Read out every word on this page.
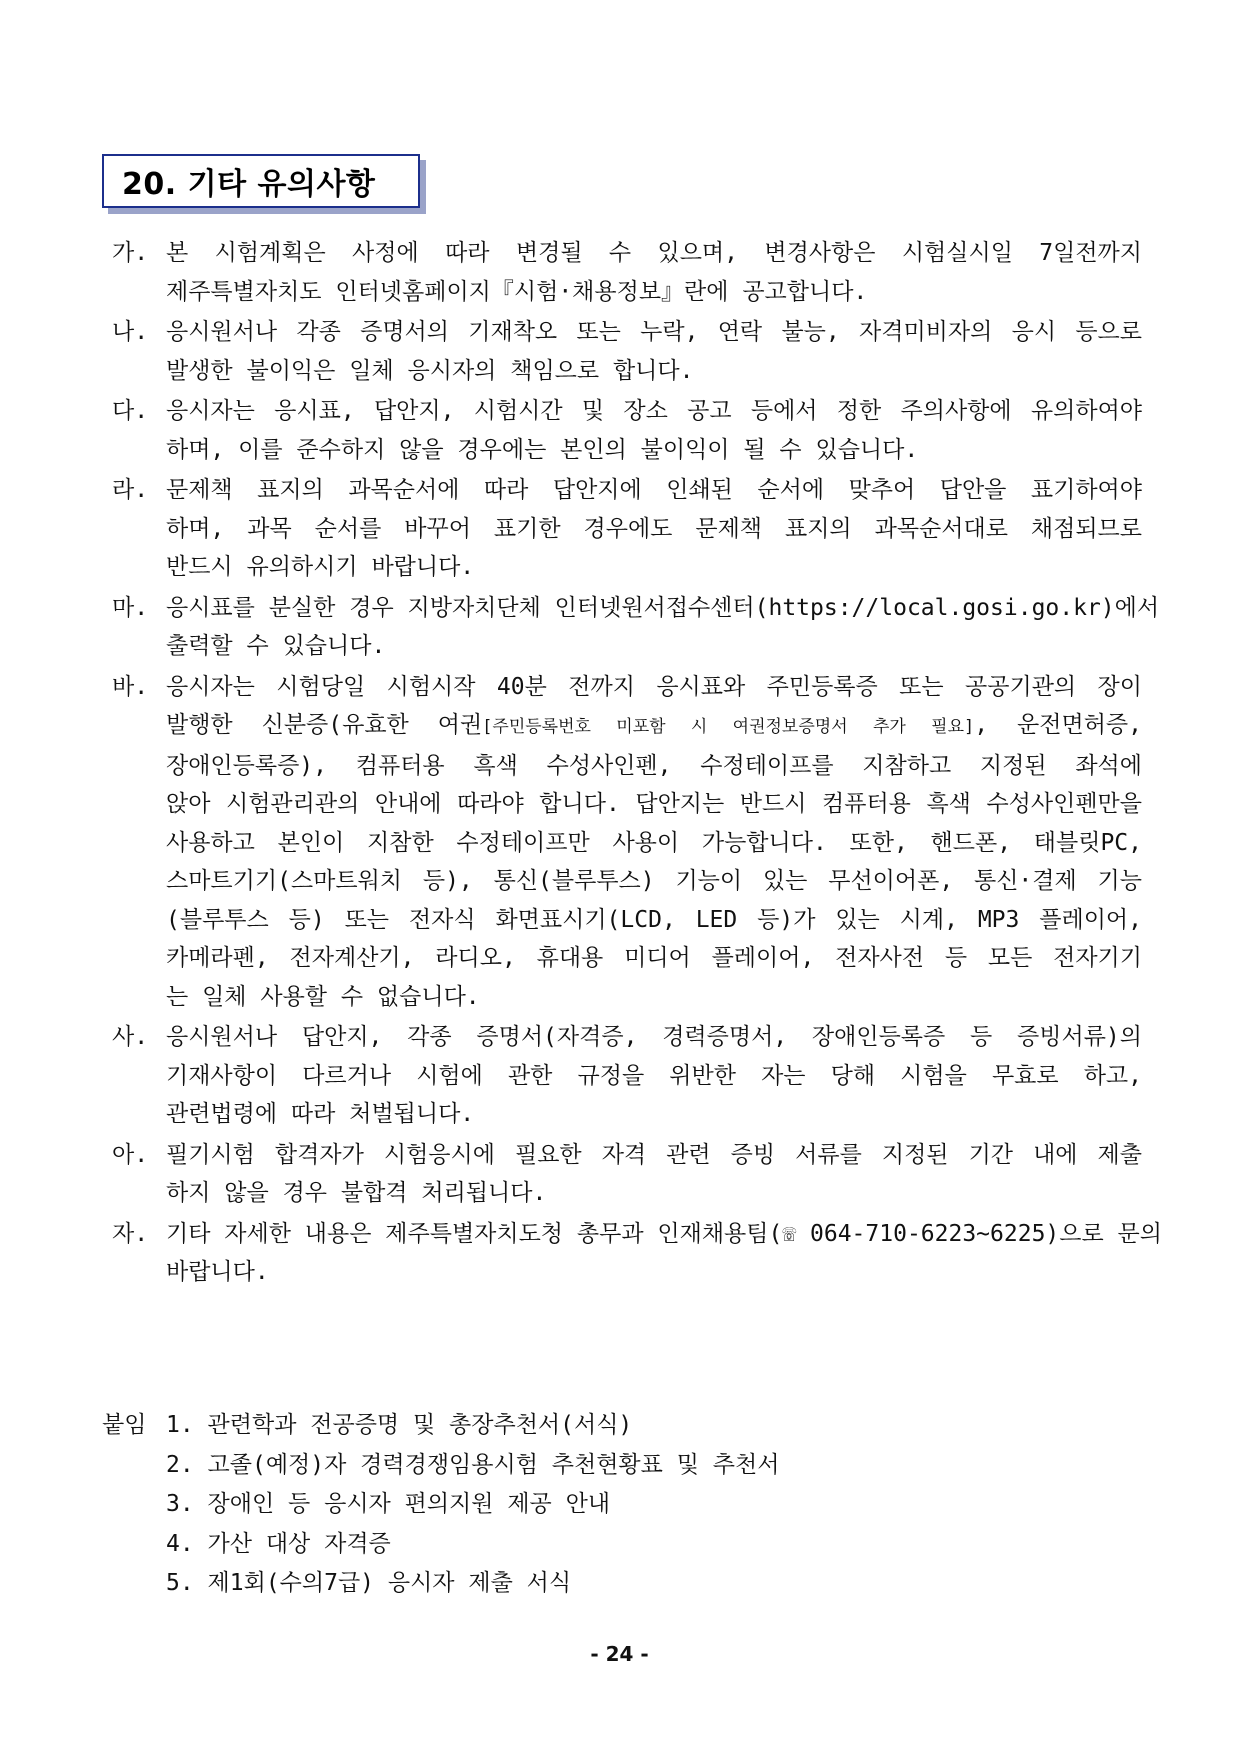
20. 기타 유의사항
가. 본 시험계획은 사정에 따라 변경될 수 있으며, 변경사항은 시험실시일 7일전까지
제주특별자치도 인터넷홈페이지『시험·채용정보』란에 공고합니다.
나. 응시원서나 각종 증명서의 기재착오 또는 누락, 연락 불능, 자격미비자의 응시 등으로
발생한 불이익은 일체 응시자의 책임으로 합니다.
다. 응시자는 응시표, 답안지, 시험시간 및 장소 공고 등에서 정한 주의사항에 유의하여야
하며, 이를 준수하지 않을 경우에는 본인의 불이익이 될 수 있습니다.
라. 문제책 표지의 과목순서에 따라 답안지에 인쇄된 순서에 맞추어 답안을 표기하여야
하며, 과목 순서를 바꾸어 표기한 경우에도 문제책 표지의 과목순서대로 채점되므로
반드시 유의하시기 바랍니다.
마. 응시표를 분실한 경우 지방자치단체 인터넷원서접수센터(https://local.gosi.go.kr)에서
출력할 수 있습니다.
바. 응시자는 시험당일 시험시작 40분 전까지 응시표와 주민등록증 또는 공공기관의 장이
발행한 신분증(유효한 여권[주민등록번호 미포함 시 여권정보증명서 추가 필요], 운전면허증,
장애인등록증), 컴퓨터용 흑색 수성사인펜, 수정테이프를 지참하고 지정된 좌석에
앉아 시험관리관의 안내에 따라야 합니다. 답안지는 반드시 컴퓨터용 흑색 수성사인펜만을
사용하고 본인이 지참한 수정테이프만 사용이 가능합니다. 또한, 핸드폰, 태블릿PC,
스마트기기(스마트워치 등), 통신(블루투스) 기능이 있는 무선이어폰, 통신·결제 기능
(블루투스 등) 또는 전자식 화면표시기(LCD, LED 등)가 있는 시계, MP3 플레이어,
카메라펜, 전자계산기, 라디오, 휴대용 미디어 플레이어, 전자사전 등 모든 전자기기
는 일체 사용할 수 없습니다.
사. 응시원서나 답안지, 각종 증명서(자격증, 경력증명서, 장애인등록증 등 증빙서류)의
기재사항이 다르거나 시험에 관한 규정을 위반한 자는 당해 시험을 무효로 하고,
관련법령에 따라 처벌됩니다.
아. 필기시험 합격자가 시험응시에 필요한 자격 관련 증빙 서류를 지정된 기간 내에 제출
하지 않을 경우 불합격 처리됩니다.
자. 기타 자세한 내용은 제주특별자치도청 총무과 인재채용팀(☏ 064-710-6223~6225)으로 문의
바랍니다.
붙임 1. 관련학과 전공증명 및 총장추천서(서식)
2. 고졸(예정)자 경력경쟁임용시험 추천현황표 및 추천서
3. 장애인 등 응시자 편의지원 제공 안내
4. 가산 대상 자격증
5. 제1회(수의7급) 응시자 제출 서식
- 24 -
